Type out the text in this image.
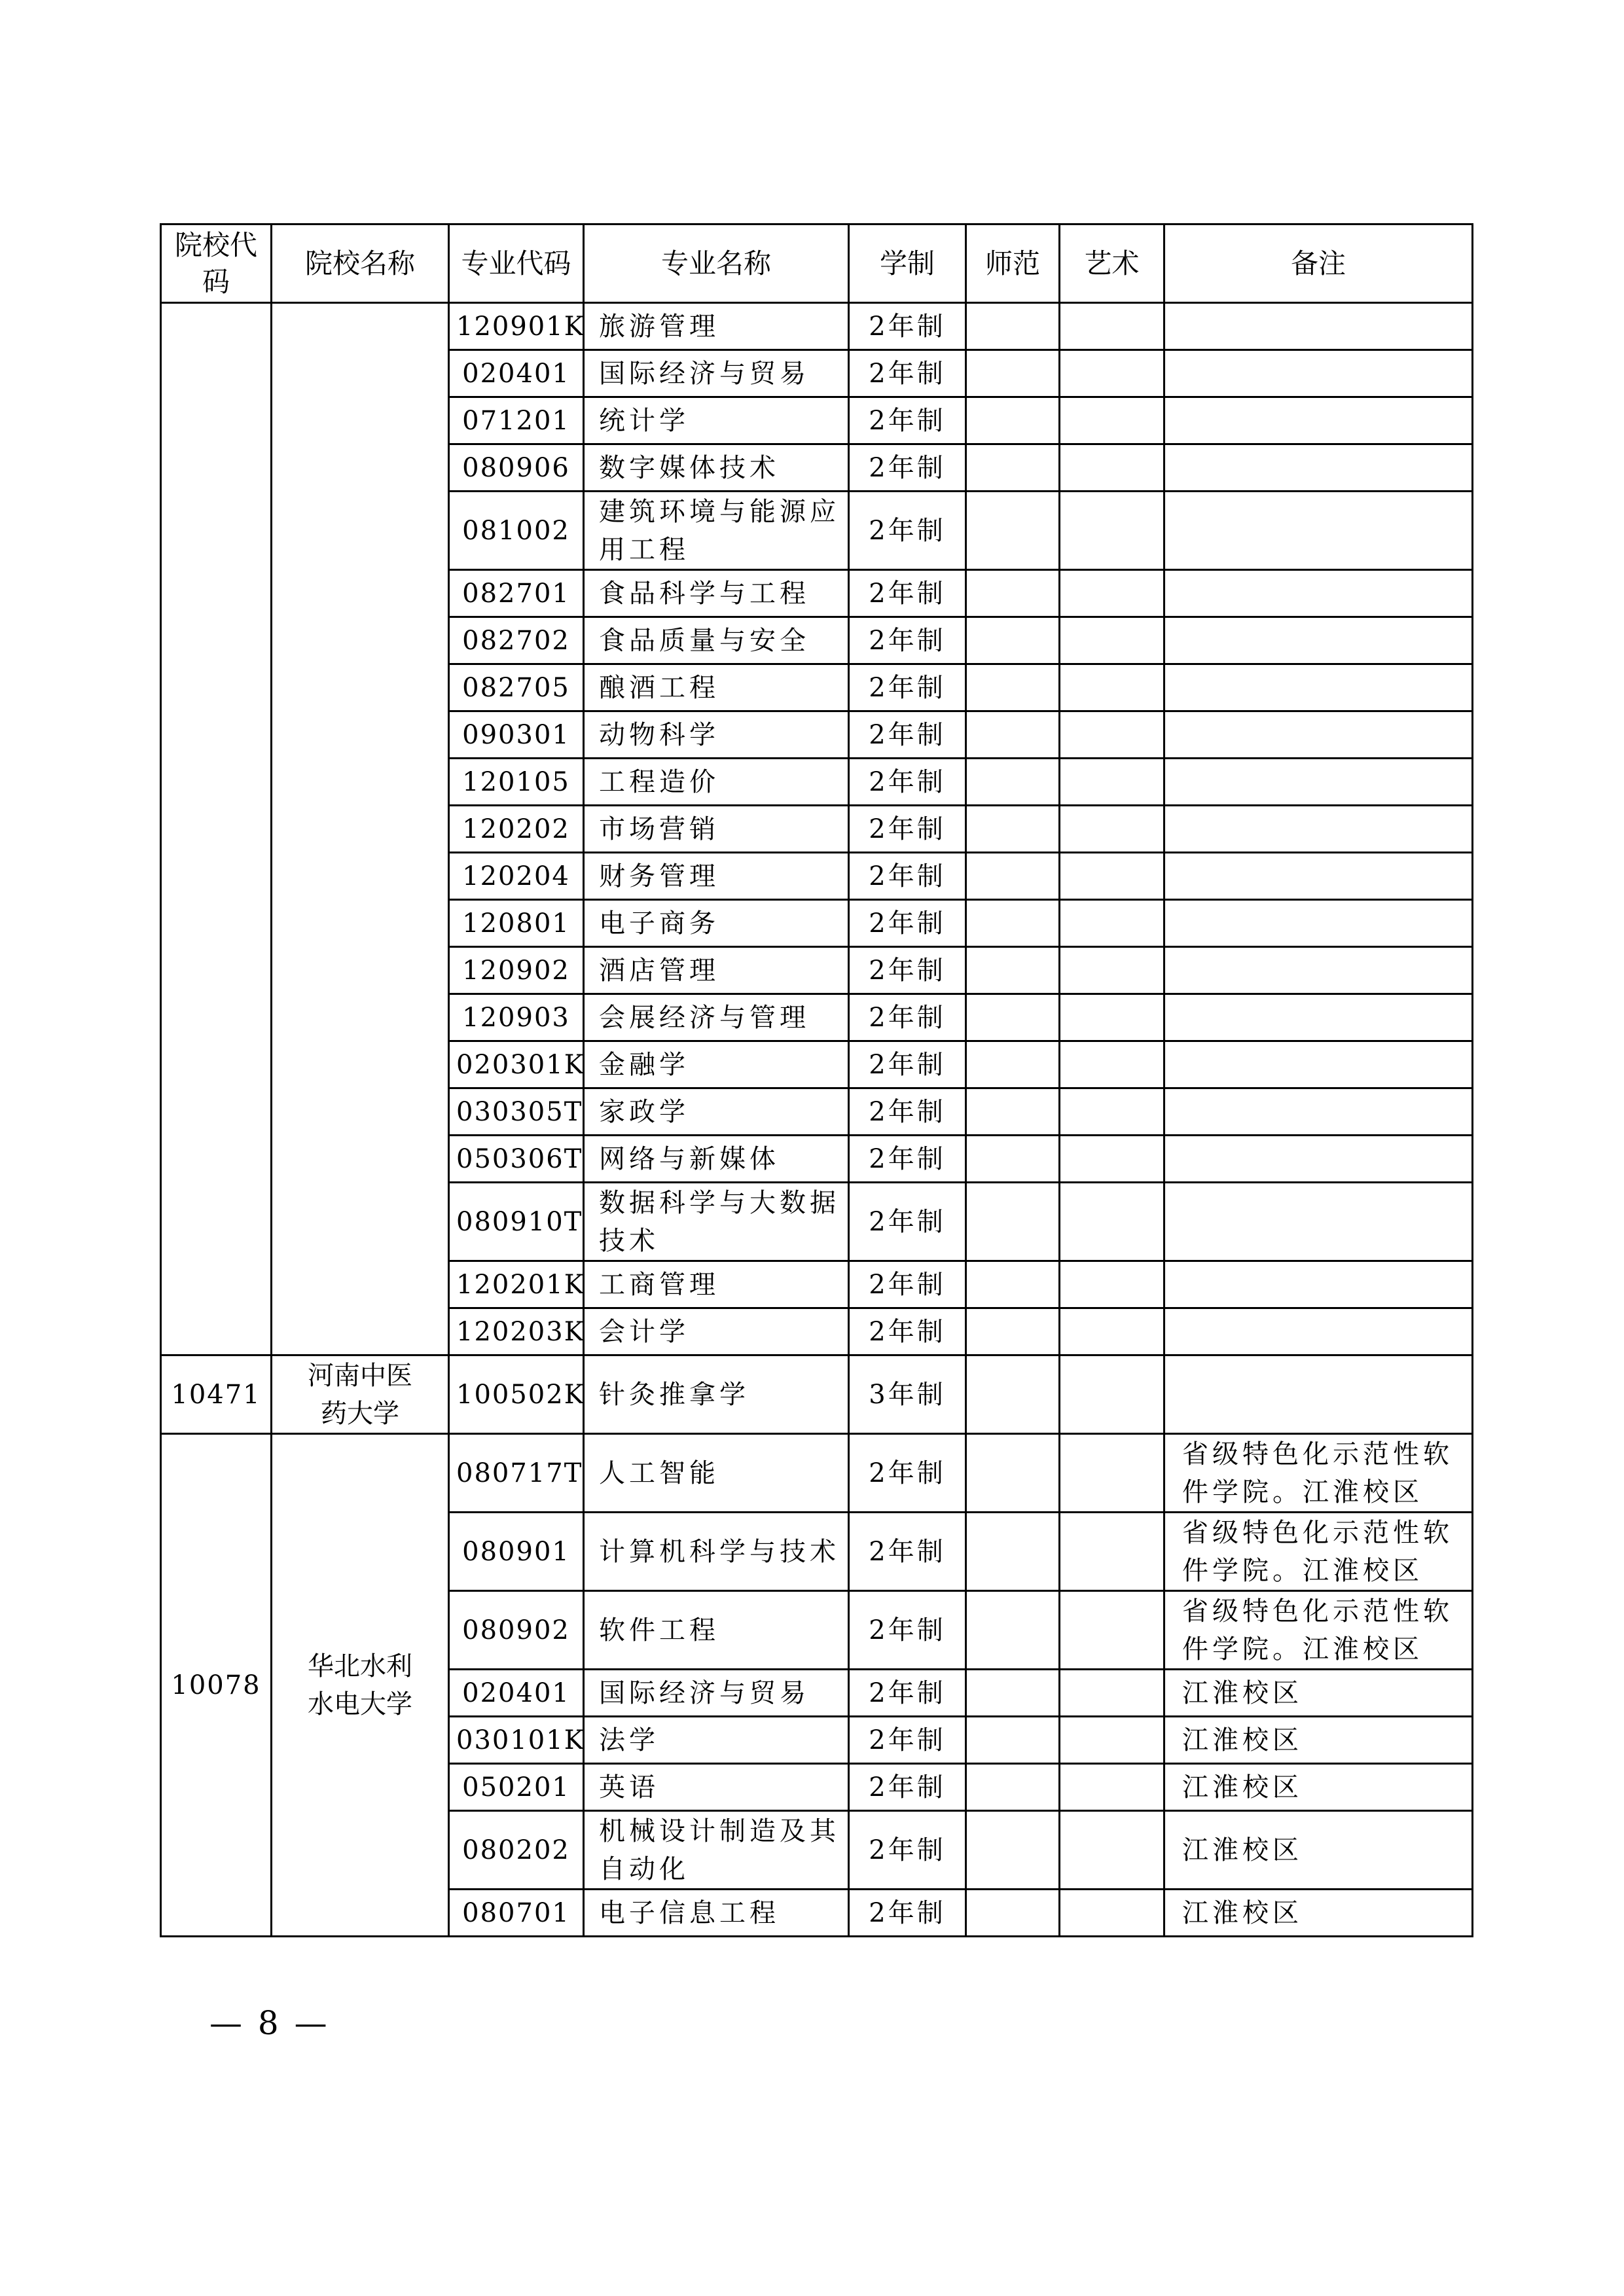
院校代码	院校名称	专业代码	专业名称	学制	师范	艺术	备注
		120901K	旅游管理	2年制			
		020401	国际经济与贸易	2年制			
		071201	统计学	2年制			
		080906	数字媒体技术	2年制			
		081002	建筑环境与能源应用工程	2年制			
		082701	食品科学与工程	2年制			
		082702	食品质量与安全	2年制			
		082705	酿酒工程	2年制			
		090301	动物科学	2年制			
		120105	工程造价	2年制			
		120202	市场营销	2年制			
		120204	财务管理	2年制			
		120801	电子商务	2年制			
		120902	酒店管理	2年制			
		120903	会展经济与管理	2年制			
		020301K	金融学	2年制			
		030305T	家政学	2年制			
		050306T	网络与新媒体	2年制			
		080910T	数据科学与大数据技术	2年制			
		120201K	工商管理	2年制			
		120203K	会计学	2年制			
10471	河南中医药大学	100502K	针灸推拿学	3年制			
10078	华北水利水电大学	080717T	人工智能	2年制			省级特色化示范性软件学院。江淮校区
		080901	计算机科学与技术	2年制			省级特色化示范性软件学院。江淮校区
		080902	软件工程	2年制			省级特色化示范性软件学院。江淮校区
		020401	国际经济与贸易	2年制			江淮校区
		030101K	法学	2年制			江淮校区
		050201	英语	2年制			江淮校区
		080202	机械设计制造及其自动化	2年制			江淮校区
		080701	电子信息工程	2年制			江淮校区
— 8 —
